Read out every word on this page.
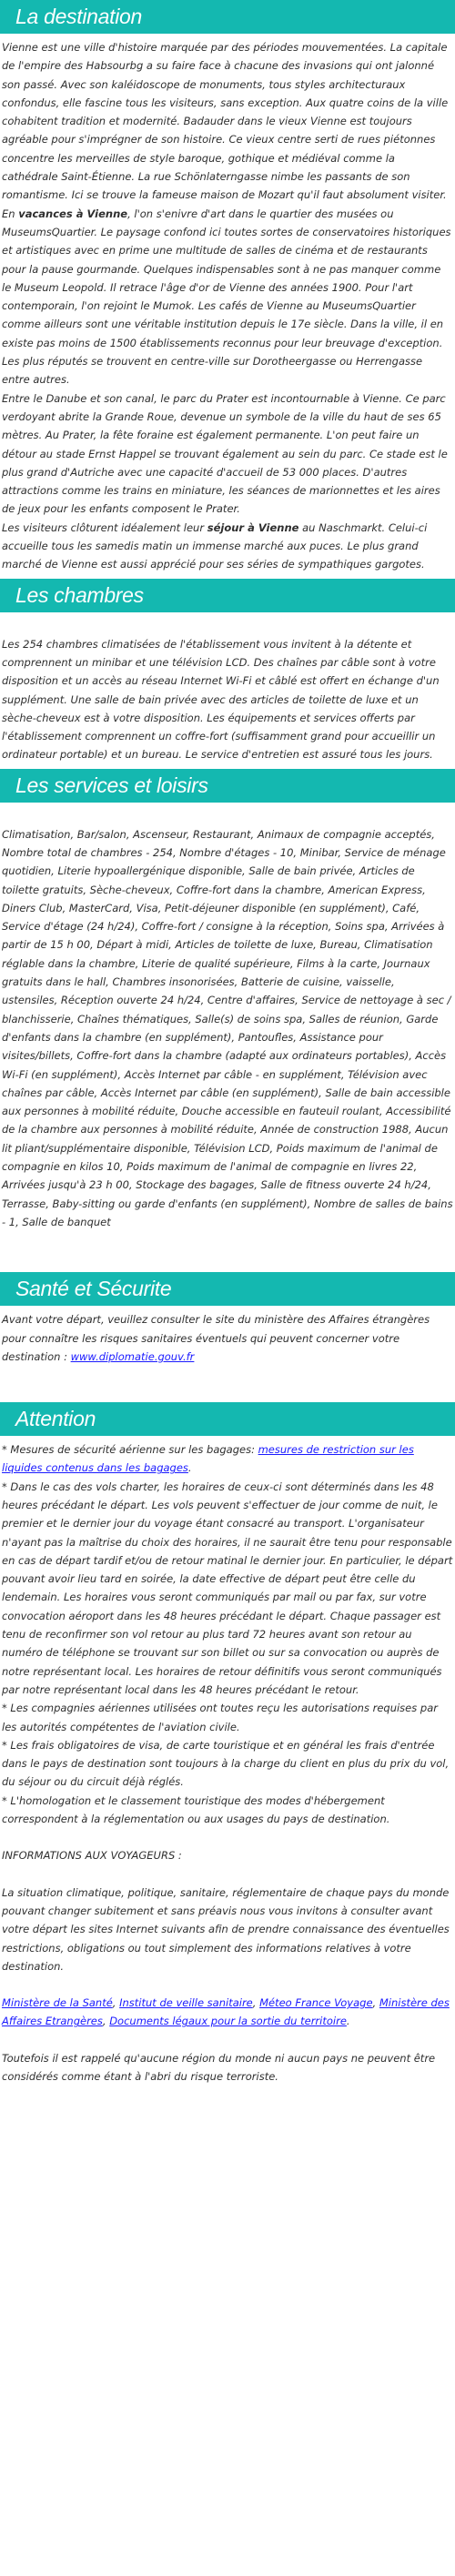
La destination

Vienne est une ville d'histoire marquée par des périodes mouvementées. La capitale de l'empire des Habsourbg a su faire face à chacune des invasions qui ont jalonné son passé. Avec son kaléidoscope de monuments, tous styles architecturaux confondus, elle fascine tous les visiteurs, sans exception. Aux quatre coins de la ville cohabitent tradition et modernité. Badauder dans le vieux Vienne est toujours agréable pour s'imprégner de son histoire. Ce vieux centre serti de rues piétonnes concentre les merveilles de style baroque, gothique et médiéval comme la cathédrale Saint-Étienne. La rue Schönlaterngasse nimbe les passants de son romantisme. Ici se trouve la fameuse maison de Mozart qu'il faut absolument visiter.

En vacances à Vienne, l'on s'enivre d'art dans le quartier des musées ou MuseumsQuartier. Le paysage confond ici toutes sortes de conservatoires historiques et artistiques avec en prime une multitude de salles de cinéma et de restaurants pour la pause gourmande. Quelques indispensables sont à ne pas manquer comme le Museum Leopold. Il retrace l'âge d'or de Vienne des années 1900. Pour l'art contemporain, l'on rejoint le Mumok. Les cafés de Vienne au MuseumsQuartier comme ailleurs sont une véritable institution depuis le 17e siècle. Dans la ville, il en existe pas moins de 1500 établissements reconnus pour leur breuvage d'exception. Les plus réputés se trouvent en centre-ville sur Dorotheergasse ou Herrengasse entre autres.

Entre le Danube et son canal, le parc du Prater est incontournable à Vienne. Ce parc verdoyant abrite la Grande Roue, devenue un symbole de la ville du haut de ses 65 mètres. Au Prater, la fête foraine est également permanente. L'on peut faire un détour au stade Ernst Happel se trouvant également au sein du parc. Ce stade est le plus grand d'Autriche avec une capacité d'accueil de 53 000 places. D'autres attractions comme les trains en miniature, les séances de marionnettes et les aires de jeux pour les enfants composent le Prater.

Les visiteurs clôturent idéalement leur séjour à Vienne au Naschmarkt. Celui-ci accueille tous les samedis matin un immense marché aux puces. Le plus grand marché de Vienne est aussi apprécié pour ses séries de sympathiques gargotes.

Les chambres

Les 254 chambres climatisées de l'établissement vous invitent à la détente et comprennent un minibar et une télévision LCD. Des chaînes par câble sont à votre disposition et un accès au réseau Internet Wi-Fi et câblé est offert en échange d'un supplément. Une salle de bain privée avec des articles de toilette de luxe et un sèche-cheveux est à votre disposition. Les équipements et services offerts par l'établissement comprennent un coffre-fort (suffisamment grand pour accueillir un ordinateur portable) et un bureau. Le service d'entretien est assuré tous les jours.

Les services et loisirs

Climatisation, Bar/salon, Ascenseur, Restaurant, Animaux de compagnie acceptés, Nombre total de chambres - 254, Nombre d'étages - 10, Minibar, Service de ménage quotidien, Literie hypoallergénique disponible, Salle de bain privée, Articles de toilette gratuits, Sèche-cheveux, Coffre-fort dans la chambre, American Express, Diners Club, MasterCard, Visa, Petit-déjeuner disponible (en supplément), Café, Service d'étage (24 h/24), Coffre-fort / consigne à la réception, Soins spa, Arrivées à partir de 15 h 00, Départ à midi, Articles de toilette de luxe, Bureau, Climatisation réglable dans la chambre, Literie de qualité supérieure, Films à la carte, Journaux gratuits dans le hall, Chambres insonorisées, Batterie de cuisine, vaisselle, ustensiles, Réception ouverte 24 h/24, Centre d'affaires, Service de nettoyage à sec / blanchisserie, Chaînes thématiques, Salle(s) de soins spa, Salles de réunion, Garde d'enfants dans la chambre (en supplément), Pantoufles, Assistance pour visites/billets, Coffre-fort dans la chambre (adapté aux ordinateurs portables), Accès Wi-Fi (en supplément), Accès Internet par câble - en supplément, Télévision avec chaînes par câble, Accès Internet par câble (en supplément), Salle de bain accessible aux personnes à mobilité réduite, Douche accessible en fauteuil roulant, Accessibilité de la chambre aux personnes à mobilité réduite, Année de construction 1988, Aucun lit pliant/supplémentaire disponible, Télévision LCD, Poids maximum de l'animal de compagnie en kilos 10, Poids maximum de l'animal de compagnie en livres 22, Arrivées jusqu'à 23 h 00, Stockage des bagages, Salle de fitness ouverte 24 h/24, Terrasse, Baby-sitting ou garde d'enfants (en supplément), Nombre de salles de bains - 1, Salle de banquet

Santé et Sécurite

Avant votre départ, veuillez consulter le site du ministère des Affaires étrangères pour connaître les risques sanitaires éventuels qui peuvent concerner votre destination : www.diplomatie.gouv.fr

Attention

* Mesures de sécurité aérienne sur les bagages: mesures de restriction sur les liquides contenus dans les bagages.

* Dans le cas des vols charter, les horaires de ceux-ci sont déterminés dans les 48 heures précédant le départ. Les vols peuvent s'effectuer de jour comme de nuit, le premier et le dernier jour du voyage étant consacré au transport. L'organisateur n'ayant pas la maîtrise du choix des horaires, il ne saurait être tenu pour responsable en cas de départ tardif et/ou de retour matinal le dernier jour. En particulier, le départ pouvant avoir lieu tard en soirée, la date effective de départ peut être celle du lendemain. Les horaires vous seront communiqués par mail ou par fax, sur votre convocation aéroport dans les 48 heures précédant le départ. Chaque passager est tenu de reconfirmer son vol retour au plus tard 72 heures avant son retour au numéro de téléphone se trouvant sur son billet ou sur sa convocation ou auprès de notre représentant local. Les horaires de retour définitifs vous seront communiqués par notre représentant local dans les 48 heures précédant le retour.

* Les compagnies aériennes utilisées ont toutes reçu les autorisations requises par les autorités compétentes de l'aviation civile.

* Les frais obligatoires de visa, de carte touristique et en général les frais d'entrée dans le pays de destination sont toujours à la charge du client en plus du prix du vol, du séjour ou du circuit déjà réglés.

* L'homologation et le classement touristique des modes d'hébergement correspondent à la réglementation ou aux usages du pays de destination.

INFORMATIONS AUX VOYAGEURS :

La situation climatique, politique, sanitaire, réglementaire de chaque pays du monde pouvant changer subitement et sans préavis nous vous invitons à consulter avant votre départ les sites Internet suivants afin de prendre connaissance des éventuelles restrictions, obligations ou tout simplement des informations relatives à votre destination.

Ministère de la Santé, Institut de veille sanitaire, Méteo France Voyage, Ministère des Affaires Etrangères, Documents légaux pour la sortie du territoire.

Toutefois il est rappelé qu'aucune région du monde ni aucun pays ne peuvent être considérés comme étant à l'abri du risque terroriste.
